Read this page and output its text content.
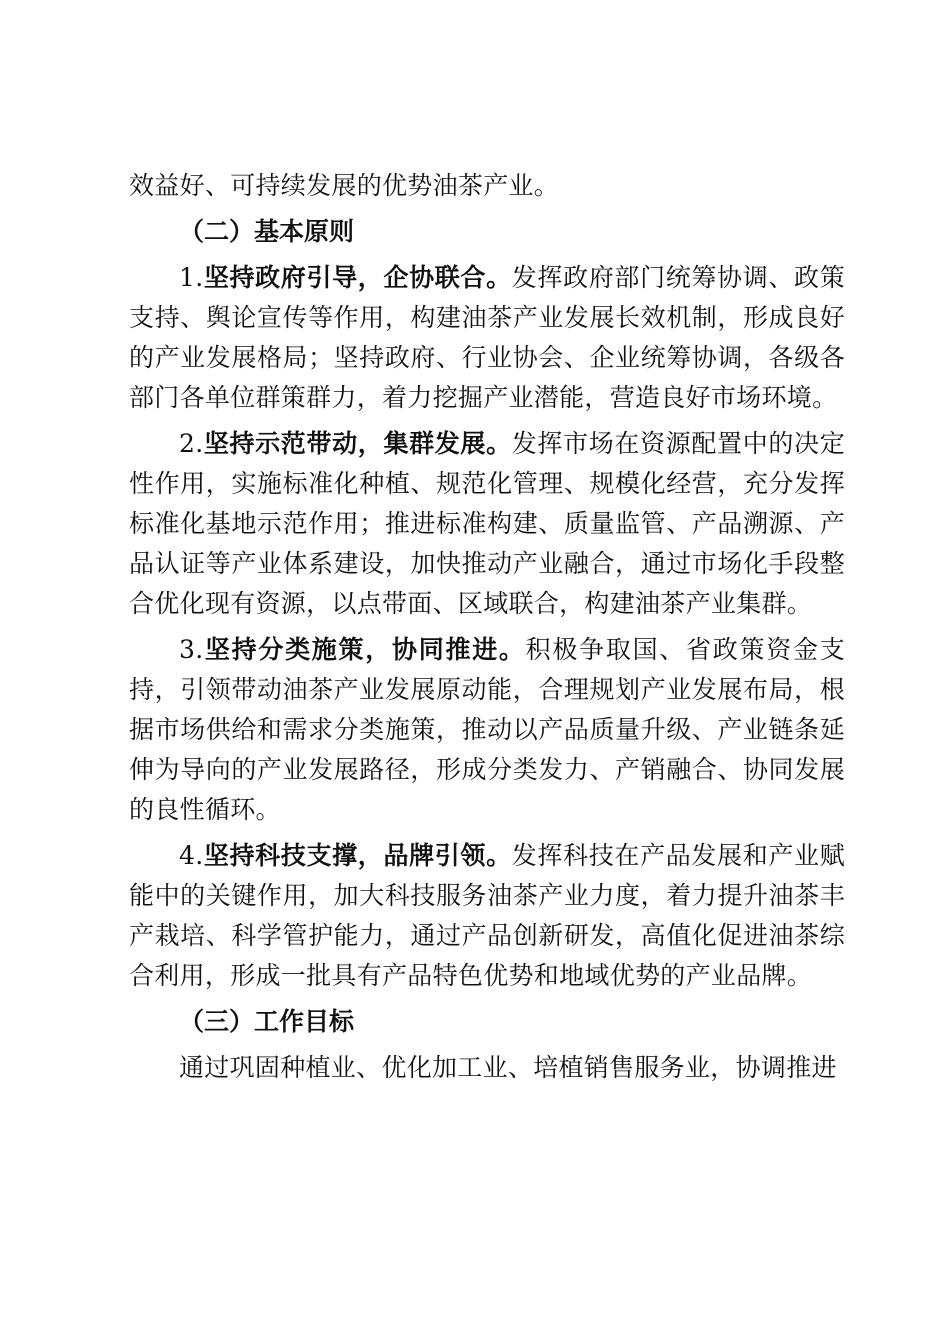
效益好、可持续发展的优势油茶产业。

（二）基本原则

1.坚持政府引导，企协联合。发挥政府部门统筹协调、政策支持、舆论宣传等作用，构建油茶产业发展长效机制，形成良好的产业发展格局；坚持政府、行业协会、企业统筹协调，各级各部门各单位群策群力，着力挖掘产业潜能，营造良好市场环境。

2.坚持示范带动，集群发展。发挥市场在资源配置中的决定性作用，实施标准化种植、规范化管理、规模化经营，充分发挥标准化基地示范作用；推进标准构建、质量监管、产品溯源、产品认证等产业体系建设，加快推动产业融合，通过市场化手段整合优化现有资源，以点带面、区域联合，构建油茶产业集群。

3.坚持分类施策，协同推进。积极争取国、省政策资金支持，引领带动油茶产业发展原动能，合理规划产业发展布局，根据市场供给和需求分类施策，推动以产品质量升级、产业链条延伸为导向的产业发展路径，形成分类发力、产销融合、协同发展的良性循环。

4.坚持科技支撑，品牌引领。发挥科技在产品发展和产业赋能中的关键作用，加大科技服务油茶产业力度，着力提升油茶丰产栽培、科学管护能力，通过产品创新研发，高值化促进油茶综合利用，形成一批具有产品特色优势和地域优势的产业品牌。

（三）工作目标

通过巩固种植业、优化加工业、培植销售服务业，协调推进
